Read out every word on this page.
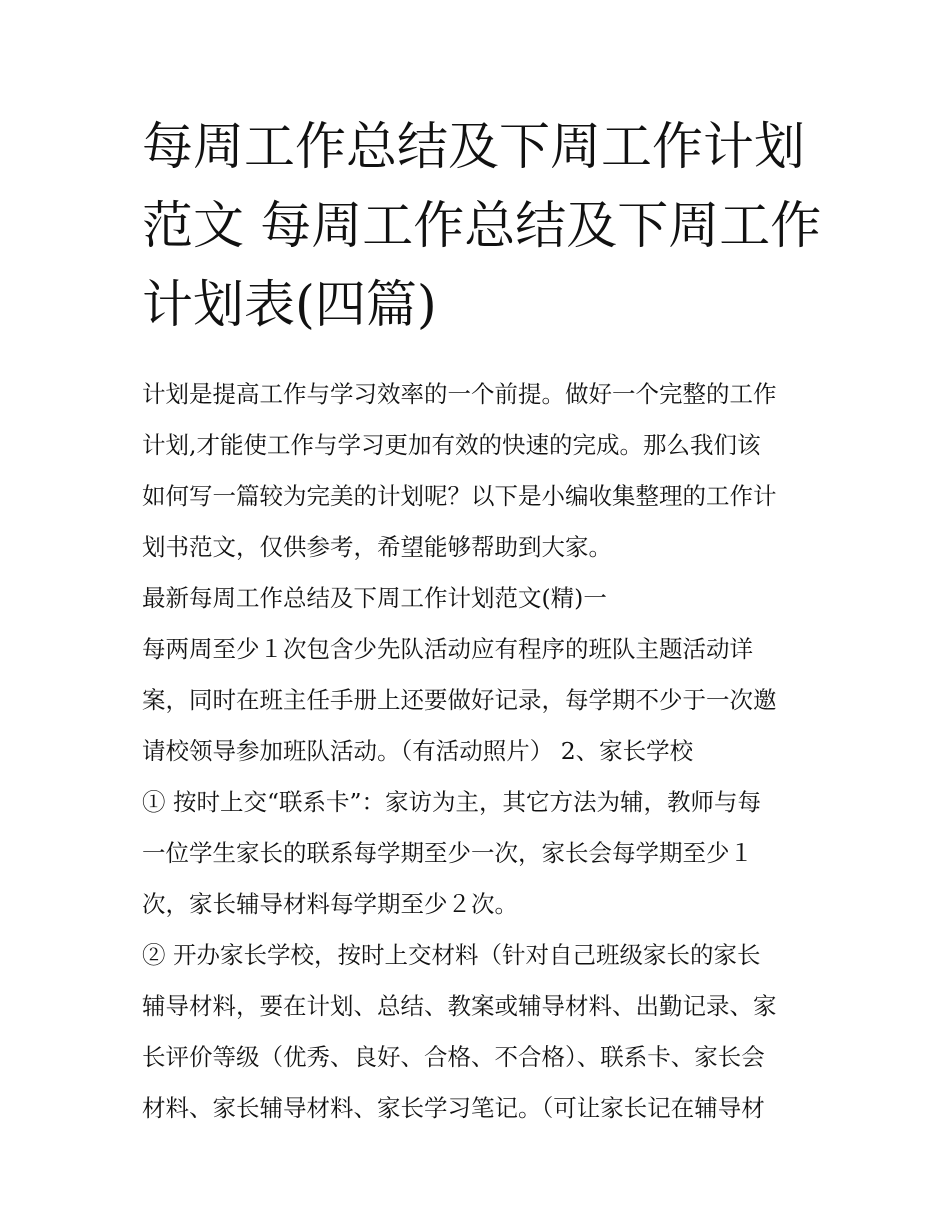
每周工作总结及下周工作计划
范文 每周工作总结及下周工作
计划表(四篇)

计划是提高工作与学习效率的一个前提。做好一个完整的工作
计划,才能使工作与学习更加有效的快速的完成。那么我们该
如何写一篇较为完美的计划呢？以下是小编收集整理的工作计
划书范文，仅供参考，希望能够帮助到大家。

最新每周工作总结及下周工作计划范文(精)一

每两周至少１次包含少先队活动应有程序的班队主题活动详
案，同时在班主任手册上还要做好记录，每学期不少于一次邀
请校领导参加班队活动。（有活动照片） 2、家长学校

① 按时上交“联系卡”：家访为主，其它方法为辅，教师与每
一位学生家长的联系每学期至少一次，家长会每学期至少１
次，家长辅导材料每学期至少２次。

② 开办家长学校，按时上交材料（针对自己班级家长的家长
辅导材料，要在计划、总结、教案或辅导材料、出勤记录、家
长评价等级（优秀、良好、合格、不合格）、联系卡、家长会
材料、家长辅导材料、家长学习笔记。（可让家长记在辅导材
